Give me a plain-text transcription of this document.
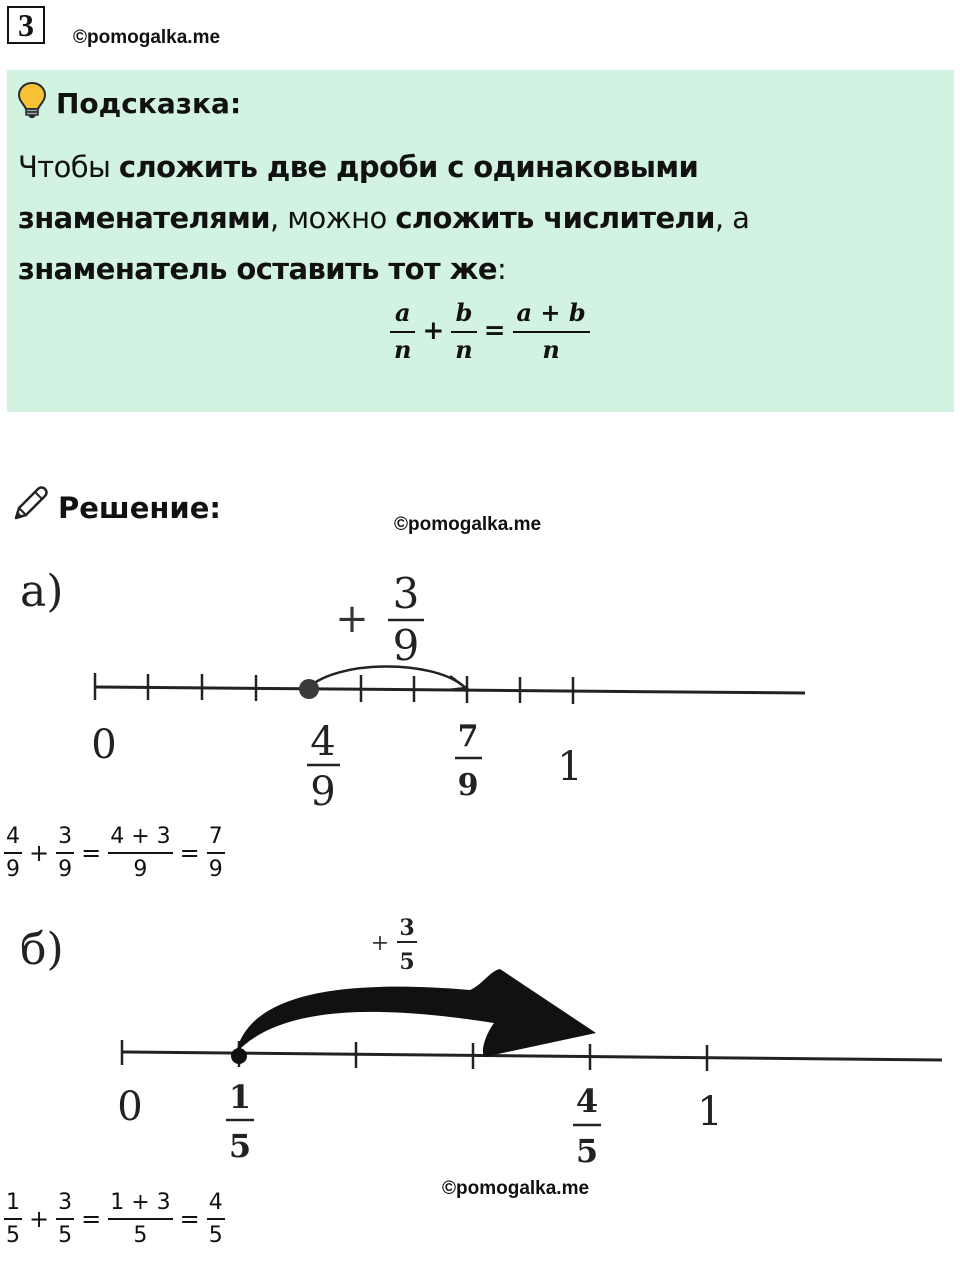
3	©pomogalka.me
Подсказка:
Чтобы сложить две дроби с одинаковыми знаменателями, можно сложить числители, а знаменатель оставить тот же:
$\frac{a}{n} + \frac{b}{n} = \frac{a + b}{n}$
Решение:	©pomogalka.me
а)
+
3
9
0	4
9
7
9 1
$\frac{4}{9} + \frac{3}{9} = \frac{4 + 3}{9} = \frac{7}{9}$
б)	+
3
5
0	1
5
4
5
1
©pomogalka.me
$\frac{1}{5} + \frac{3}{5} = \frac{1 + 3}{5} = \frac{4}{5}$
